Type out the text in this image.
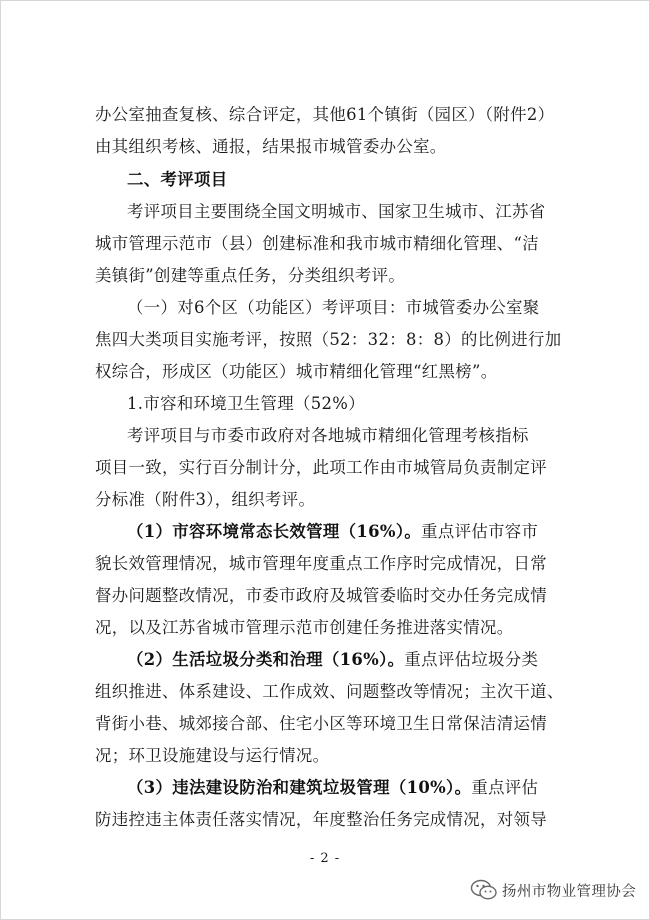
办公室抽查复核、综合评定，其他61个镇街（园区）（附件2）
由其组织考核、通报，结果报市城管委办公室。
二、考评项目
考评项目主要围绕全国文明城市、国家卫生城市、江苏省
城市管理示范市（县）创建标准和我市城市精细化管理、“洁
美镇街”创建等重点任务，分类组织考评。
（一）对6个区（功能区）考评项目：市城管委办公室聚
焦四大类项目实施考评，按照（52：32：8：8）的比例进行加
权综合，形成区（功能区）城市精细化管理“红黑榜”。
1.市容和环境卫生管理（52%）
考评项目与市委市政府对各地城市精细化管理考核指标
项目一致，实行百分制计分，此项工作由市城管局负责制定评
分标准（附件3），组织考评。
（1）市容环境常态长效管理（16%）。重点评估市容市
貌长效管理情况，城市管理年度重点工作序时完成情况，日常
督办问题整改情况，市委市政府及城管委临时交办任务完成情
况，以及江苏省城市管理示范市创建任务推进落实情况。
（2）生活垃圾分类和治理（16%）。重点评估垃圾分类
组织推进、体系建设、工作成效、问题整改等情况；主次干道、
背街小巷、城郊接合部、住宅小区等环境卫生日常保洁清运情
况；环卫设施建设与运行情况。
（3）违法建设防治和建筑垃圾管理（10%）。重点评估
防违控违主体责任落实情况，年度整治任务完成情况，对领导
- 2 -
扬州市物业管理协会
